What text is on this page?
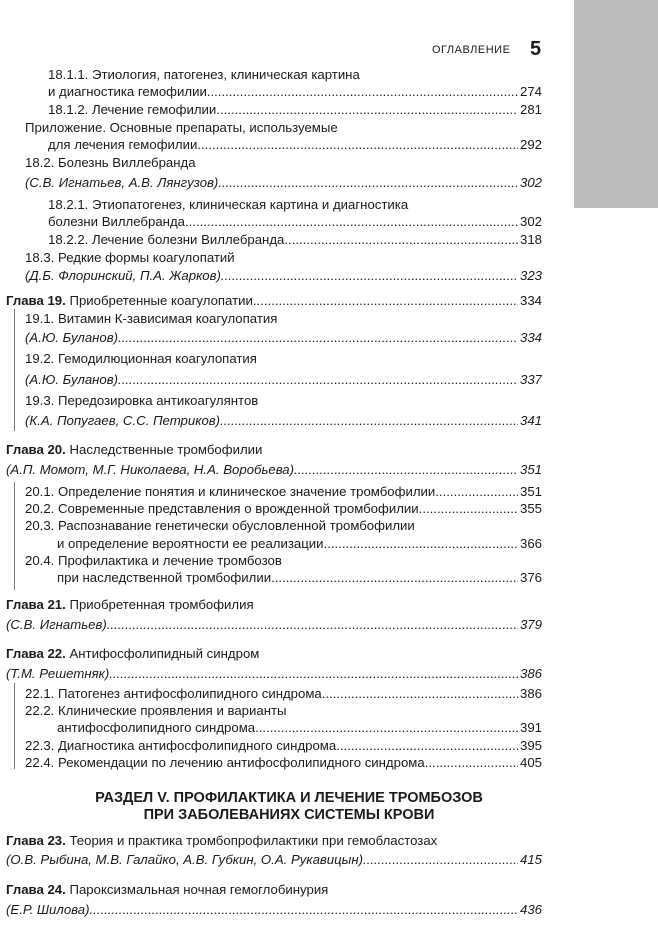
ОГЛАВЛЕНИЕ 5
18.1.1. Этиология, патогенез, клиническая картина
и диагностика гемофилии .....	274
18.1.2. Лечение гемофилии .....	281
Приложение. Основные препараты, используемые
для лечения гемофилии .....	292
18.2. Болезнь Виллебранда
(С.В. Игнатьев, А.В. Лянгузов) .....	302
18.2.1. Этиопатогенез, клиническая картина и диагностика
болезни Виллебранда .....	302
18.2.2. Лечение болезни Виллебранда .....	318
18.3. Редкие формы коагулопатий
(Д.Б. Флоринский, П.А. Жарков) .....	323
Глава 19. Приобретенные коагулопатии .....	334
19.1. Витамин К-зависимая коагулопатия
(А.Ю. Буланов) .....	334
19.2. Гемодилюционная коагулопатия
(А.Ю. Буланов) .....	337
19.3. Передозировка антикоагулянтов
(К.А. Попугаев, С.С. Петриков) .....	341
Глава 20. Наследственные тромбофилии
(А.П. Момот, М.Г. Николаева, Н.А. Воробьева) .....	351
20.1. Определение понятия и клиническое значение тромбофилии .....	351
20.2. Современные представления о врожденной тромбофилии .....	355
20.3. Распознавание генетически обусловленной тромбофилии
и определение вероятности ее реализации .....	366
20.4. Профилактика и лечение тромбозов
при наследственной тромбофилии .....	376
Глава 21. Приобретенная тромбофилия
(С.В. Игнатьев) .....	379
Глава 22. Антифосфолипидный синдром
(Т.М. Решетняк) .....	386
22.1. Патогенез антифосфолипидного синдрома .....	386
22.2. Клинические проявления и варианты
антифосфолипидного синдрома .....	391
22.3. Диагностика антифосфолипидного синдрома .....	395
22.4. Рекомендации по лечению антифосфолипидного синдрома .....	405
РАЗДЕЛ V. ПРОФИЛАКТИКА И ЛЕЧЕНИЕ ТРОМБОЗОВ
ПРИ ЗАБОЛЕВАНИЯХ СИСТЕМЫ КРОВИ
Глава 23. Теория и практика тромбопрофилактики при гемобластозах
(О.В. Рыбина, М.В. Галайко, А.В. Губкин, О.А. Рукавицын) .....	415
Глава 24. Пароксизмальная ночная гемоглобинурия
(Е.Р. Шилова) .....	436
